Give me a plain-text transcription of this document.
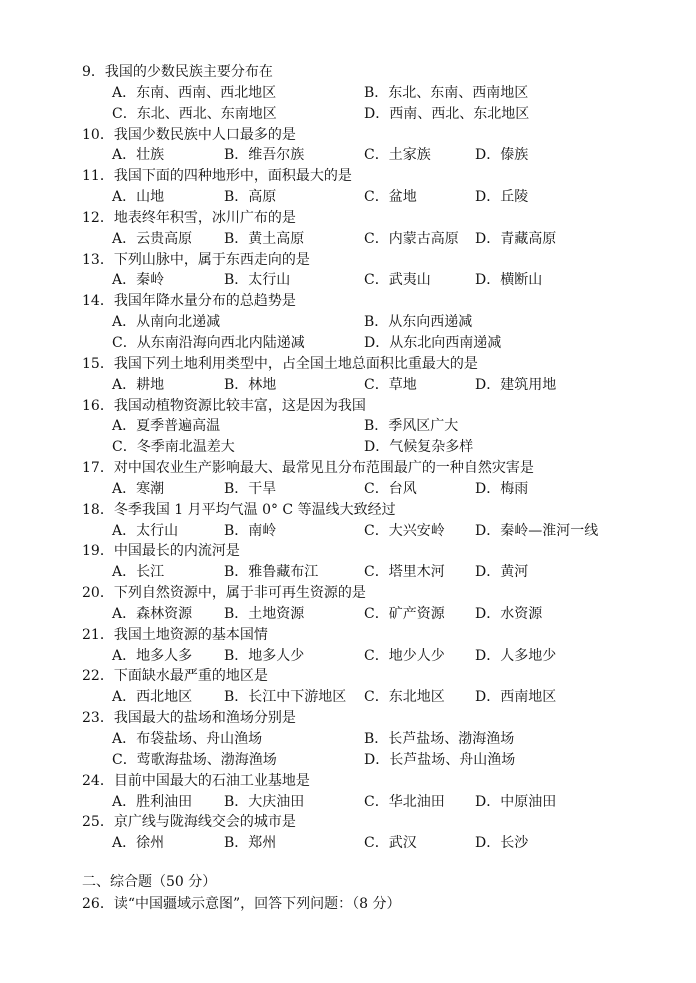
9．我国的少数民族主要分布在
A．东南、西南、西北地区	B．东北、东南、西南地区
C．东北、西北、东南地区	D．西南、西北、东北地区
10．我国少数民族中人口最多的是
A．壮族	B．维吾尔族	C．土家族	D．傣族
11．我国下面的四种地形中，面积最大的是
A．山地	B．高原	C．盆地	D．丘陵
12．地表终年积雪，冰川广布的是
A．云贵高原 B．黄土高原	C．内蒙古高原 D．青藏高原
13．下列山脉中，属于东西走向的是
A．秦岭	B．太行山	C．武夷山	D．横断山
14．我国年降水量分布的总趋势是
A．从南向北递减	B．从东向西递减
C．从东南沿海向西北内陆递减	D．从东北向西南递减
15．我国下列土地利用类型中，占全国土地总面积比重最大的是
A．耕地	B．林地	C．草地	D．建筑用地
16．我国动植物资源比较丰富，这是因为我国
A．夏季普遍高温	B．季风区广大
C．冬季南北温差大	D．气候复杂多样
17．对中国农业生产影响最大、最常见且分布范围最广的一种自然灾害是
A．寒潮	B．干旱	C．台风	D．梅雨
18．冬季我国 1 月平均气温 0° C 等温线大致经过
A．太行山	B．南岭	C．大兴安岭 D．秦岭—淮河一线
19．中国最长的内流河是
A．长江	B．雅鲁藏布江	C．塔里木河 D．黄河
20．下列自然资源中，属于非可再生资源的是
A．森林资源 B．土地资源	C．矿产资源 D．水资源
21．我国土地资源的基本国情
A．地多人多 B．地多人少	C．地少人少 D．人多地少
22．下面缺水最严重的地区是
A．西北地区 B．长江中下游地区 C．东北地区 D．西南地区
23．我国最大的盐场和渔场分别是
A．布袋盐场、舟山渔场	B．长芦盐场、渤海渔场
C．莺歌海盐场、渤海渔场	D．长芦盐场、舟山渔场
24．目前中国最大的石油工业基地是
A．胜利油田 B．大庆油田	C．华北油田 D．中原油田
25．京广线与陇海线交会的城市是
A．徐州	B．郑州	C．武汉	D．长沙
二、综合题（50 分）
26．读“中国疆域示意图”，回答下列问题：（8 分）
